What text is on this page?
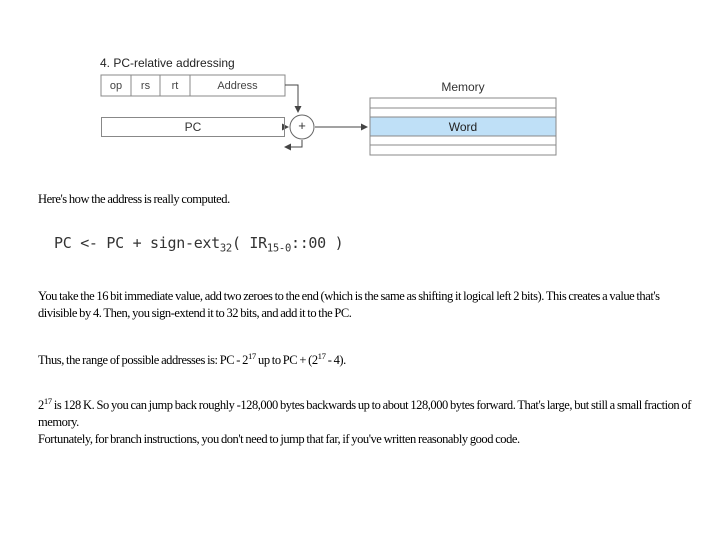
4. PC-relative addressing
op	rs	rt	Address
PC	+
Memory
Word
Here's how the address is really computed.
PC <- PC + sign-ext$_{32}$( $IR_{15-0}::00$ )
You take the 16 bit immediate value, add two zeroes to the end (which is the same as shifting it logical left 2 bits). This creates a value that's divisible by 4. Then, you sign-extend it to 32 bits, and add it to the PC.
Thus, the range of possible addresses is: PC - $2^{17}$ up to PC + $(2^{17} - 4)$.
$2^{17}$ is 128 K. So you can jump back roughly -128,000 bytes backwards up to about 128,000 bytes forward. That's large, but still a small fraction of memory.
Fortunately, for branch instructions, you don't need to jump that far, if you've written reasonably good code.
